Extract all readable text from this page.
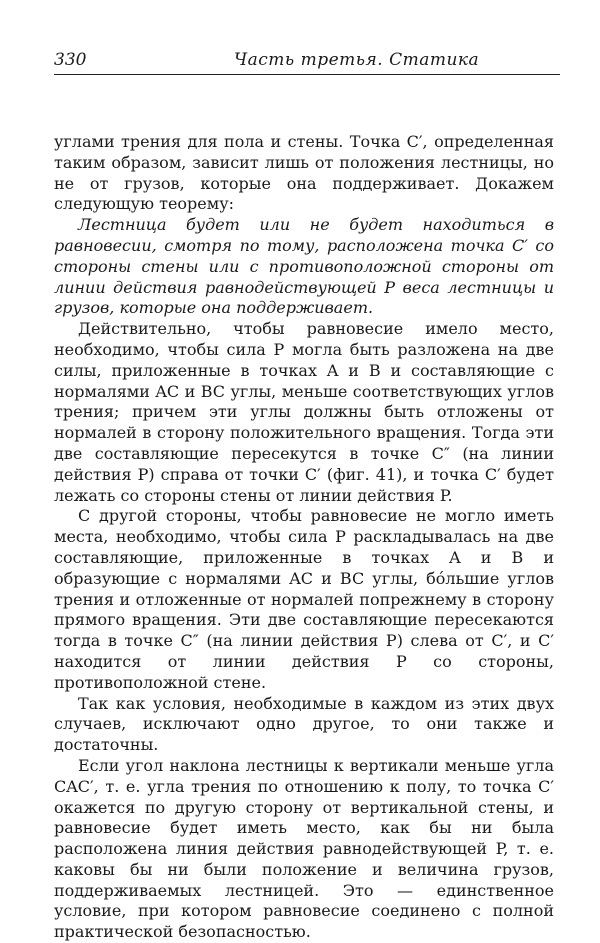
330	Часть третья. Статика

углами трения для пола и стены. Точка C′, определенная таким образом, зависит лишь от положения лестницы, но не от грузов, которые она поддерживает. Докажем следующую теорему:

Лестница будет или не будет находиться в равновесии, смотря по тому, расположена точка C′ со стороны стены или с противоположной стороны от линии действия равнодействующей P веса лестницы и грузов, которые она поддерживает.

Действительно, чтобы равновесие имело место, необходимо, чтобы сила P могла быть разложена на две силы, приложенные в точках A и B и составляющие с нормалями AC и BC углы, меньше соответствующих углов трения; причем эти углы должны быть отложены от нормалей в сторону положительного вращения. Тогда эти две составляющие пересекутся в точке C″ (на линии действия P) справа от точки C′ (фиг. 41), и точка C′ будет лежать со стороны стены от линии действия P.

С другой стороны, чтобы равновесие не могло иметь места, необходимо, чтобы сила P раскладывалась на две составляющие, приложенные в точках A и B и образующие с нормалями AC и BC углы, бо́льшие углов трения и отложенные от нормалей попрежнему в сторону прямого вращения. Эти две составляющие пересекаются тогда в точке C″ (на линии действия P) слева от C′, и C′ находится от линии действия P со стороны, противоположной стене.

Так как условия, необходимые в каждом из этих двух случаев, исключают одно другое, то они также и достаточны.

Если угол наклона лестницы к вертикали меньше угла CAC′, т. е. угла трения по отношению к полу, то точка C′ окажется по другую сторону от вертикальной стены, и равновесие будет иметь место, как бы ни была расположена линия действия равнодействующей P, т. е. каковы бы ни были положение и величина грузов, поддерживаемых лестницей. Это — единственное условие, при котором равновесие соединено с полной практической безопасностью.
